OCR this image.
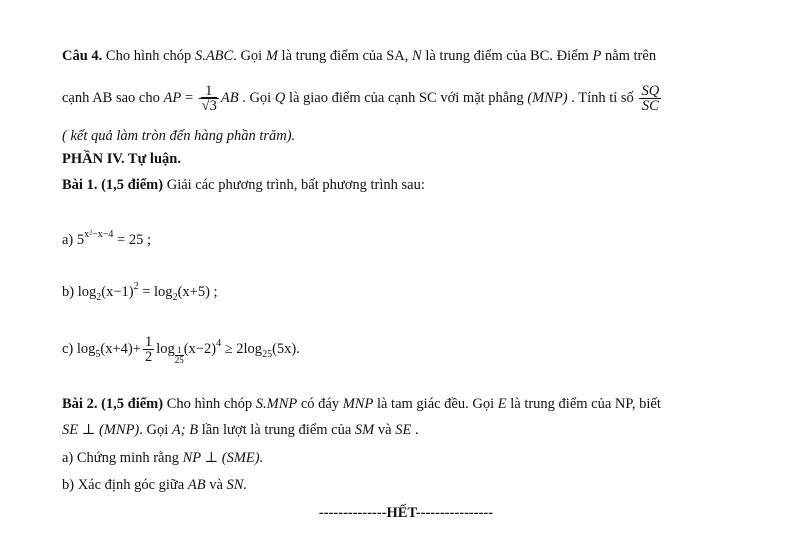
Câu 4. Cho hình chóp S.ABC. Gọi M là trung điểm của SA, N là trung điểm của BC. Điểm P nằm trên
cạnh AB sao cho AP = $\frac{1}{√3}$ AB . Gọi Q là giao điểm của cạnh SC với mặt phẳng (MNP) . Tính tỉ số $\frac{SQ}{SC}$
( kết quả làm tròn đến hàng phần trăm).
PHẦN IV. Tự luận.
Bài 1. (1,5 điểm) Giải các phương trình, bất phương trình sau:
a) $5^{x^2-x-4} = 25$ ;
b) $\log_2(x-1)^2 = \log_2(x+5)$ ;
c) $\log_5(x+4)+ \frac{1}{2}$ $\log \frac{1}{25} (x-2)^4 \ge 2\log_{25}(5x)$.
Bài 2. (1,5 điểm) Cho hình chóp S.MNP có đáy MNP là tam giác đều. Gọi E là trung điểm của NP, biết
SE ⊥ (MNP). Gọi A; B lần lượt là trung điểm của SM và SE .
a) Chứng minh rằng NP ⊥ (SME).
b) Xác định góc giữa AB và SN.
--------------HẾT----------------
